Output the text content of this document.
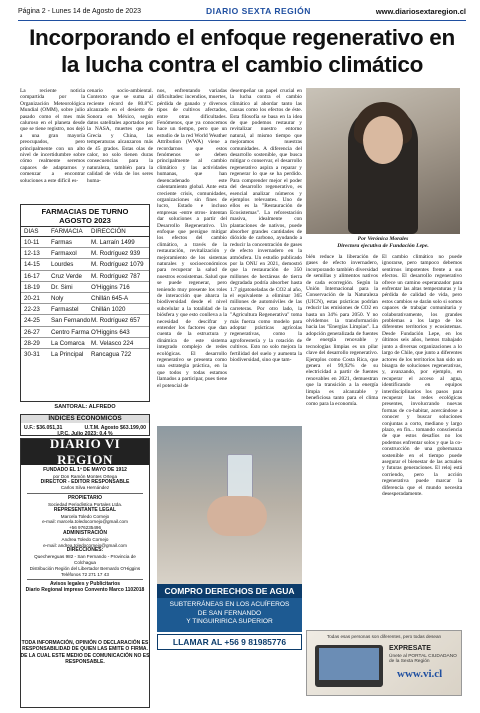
Página 2 - Lunes 14 de Agosto de 2023	DIARIO SEXTA REGIÓN	www.diariosextaregion.cl
Incorporando el enfoque regenerativo en la lucha contra el cambio climático
La reciente noticia compartida por la Organización Meteorológica Mundial (OMM), sobre julio pasado como el mes más caluroso en el planeta desde que se tiene registro, nos dejó a una gran mayoría preocupados, pero principalmente con un alto nivel de incertidumbre sobre cómo realmente seremos capaces de adaptarnos y comenzar a encontrar soluciones a este difícil es-
cenario socio-ambiental. Contexto que se suma al reciente récord de 80.8°C alcanzado en el desierto de Sonora en México, según datos satelitales aportados por la NASA, muertes que en Grecia y China, las temperaturas alcanzaron más de 45 grados. Estas olas de calor, no solo tienen duras consecuencias para la naturaleza, también para la calidad de vida de los seres huma-
nos, enfrentando variadas dificultades: incendios, muertes, pérdida de ganado y diversos tipos de cultivos afectados, entre otras dificultades. Fenómenos, que ya conocemos hace un tiempo, pero que un estudio de la red World Weather Attribution (WWA) viene a recordarnos que estos fenómenos se deben principalmente al cambio climático y las actividades humanas, que han desencadenado este calentamiento global. Ante esta creciente crisis, comunidades, organizaciones sin fines de lucro, Estado e incluso empresas -entre otros- intentan dar soluciones a partir del Desarrollo Regenerativo. Un enfoque que persigue mitigar los efectos del cambio climático, a través de la restauración, revitalización y mejoramiento de los sistemas naturales y socioeconómicos para recuperar la salud de nuestros ecosistemas. Salud que se puede regenerar, pero teniendo muy presente los roles de interacción que abarca la biodiversidad desde el nivel subcelular a la totalidad de la biósfera y que esto conlleva a la necesidad de descifrar y entender los factores que dan cuenta de la estructura y dinámica de este sistema integrado complejo de redes ecológicas. El desarrollo regenerativo se presenta como una estrategia práctica, en la que todos y todas estamos llamados a participar, pues tiene el potencial de
desempeñar un papel crucial en la lucha contra el cambio climático al abordar tanto las causas como los efectos de éste. Esta filosofía se basa en la idea de que podemos restaurar y revitalizar nuestro entorno natural, al mismo tiempo que mejoramos nuestras comunidades. A diferencia del desarrollo sostenible, que busca mitigar o conservar, el desarrollo regenerativo aspira a reparar y regenerar lo que se ha perdido. Para comprender mejor el poder del desarrollo regenerativo, es esencial analizar números y ejemplos relevantes. Uno de ellos es la "Restauración de Ecosistemas". La reforestación masiva, idealmente con plantaciones de nativos, puede absorber grandes cantidades de dióxido de carbono, ayudando a reducir la concentración de gases de efecto invernadero en la atmósfera. Un estudio publicado por la ONU en 2021, demostró que la restauración de 350 millones de hectáreas de tierra degradada podría absorber hasta 1.7 gigatoneladas de CO2 al año, el equivalente a eliminar 365 millones de automóviles de las carreteras. Por otro lado, la "Agricultura Regenerativa" toma más fuerza como modelo para adoptar prácticas agrícolas regenerativas, como la agroforestería y la rotación de cultivos. Esto no solo mejora la fertilidad del suelo y aumenta la biodiversidad, sino que tam-
bién reduce la liberación de gases de efecto invernadero, incorporando también diversidad de semillas y alimentos nativos de cada ecorregión. Según la Unión Internacional para la Conservación de la Naturaleza (UICN), estas prácticas podrían reducir las emisiones de CO2 en hasta un 34% para 2050. Y no olvidemos la transformación hacia las "Energías Limpias". La adopción generalizada de fuentes de energía renovable y tecnologías limpias es un pilar clave del desarrollo regenerativo. Ejemplos como Costa Rica, que genera el 99,92% de su electricidad a partir de fuentes renovables en 2021, demuestran que la transición a la energía limpia es alcanzable y beneficiosa tanto para el clima como para la economía.
El cambio climático no puede ignorarse, pero tampoco debemos sentirnos impotentes frente a sus efectos. El desarrollo regenerativo ofrece un camino esperanzador para enfrentar las altas temperaturas y la pérdida de calidad de vida, pero estos cambios se darán solo si somos capaces de trabajar comunitaria y colaborativamente, los grandes problemas a los largo de los diferentes territorios y ecosistemas. Desde Fundación Lepe, en los últimos seis años, hemos trabajado junto a diversas organizaciones a lo largo de Chile, que junto a diferentes actores de los territorios han sido un bisagra de soluciones regenerativas, y, avanzando, por ejemplo, en recuperar el acceso al agua, identificando en equipos interdisciplinarios los pasos para recuperar las redes ecológicas presentes, involucrando nuevas formas de co-habitar, acercándose a conocer y buscar soluciones conjuntas a corto, mediano y largo plazo, en fin... tomando consciencia de que estos desafíos no los podemos enfrentar solos y que la co-construcción de una gobernanza sostenible en el tiempo puede asegurar el bienestar de las actuales y futuras generaciones. El reloj está corriendo, pero la acción regenerativa puede marcar la diferencia que el mundo necesita desesperadamente.
Por Verónica Morales
Directora ejecutiva de Fundación Lepe.
FARMACIAS DE TURNO
AGOSTO 2023
DIAS	FARMACIA	DIRECCIÓN
10-11	Farmas	M. Larraín 1499
12-13	Farmaxol	M. Rodríguez 939
14-15	Lourdes	M. Rodríguez 1079
16-17	Cruz Verde	M. Rodríguez 787
18-19	Dr. Simi	O'Higgins 716
20-21	Noly	Chillán 645-A
22-23	Farmastel	Chillán 1020
24-25	San Fernando M. Rodríguez 657
26-27	Centro Farma O'Higgins 643
28-29	La Comarca	M. Velasco 224
30-31	La Principal	Rancagua 722
SANTORAL: ALFREDO
ÍNDICES ECONÓMICOS
U.F.: $36.051,31	U.T.M. Agosto $63.199,00
I.P.C. Julio 2023: 0,4 %
DIARIO VI REGION
FUNDADO EL 1º DE MAYO DE 1912
por Don Ramón Montes Ortega
DIRECTOR - EDITOR RESPONSABLE
Carlos Silva Hernández
PROPIETARIO
Sociedad Periodística Portales Ltda.
REPRESENTANTE LEGAL
Marcela Toledo Cornejo
e-mail: marcela.toledocornejo@gmail.com
+56 976235496
ADMINISTRACIÓN
Andrea Toledo Cornejo
e-mail: andrea.toledocornejo@gmail.com
DIRECCIONES:
Quechereguas 982 - San Fernando - Provincia de Colchagua
Distribución Región del Libertador Bernardo O'Higgins
Teléfonos 72 271 17 43
Avisos legales y Publicitarios
Diario Regional impreso Convento Marco 1102018
TODA INFORMACIÓN, OPINIÓN O DECLARACIÓN ES RESPONSABILIDAD DE QUIEN LAS EMITE O FIRMA. DE LA CUAL ESTE MEDIO DE COMUNICACIÓN NO ES RESPONSABLE.
COMPRO DERECHOS DE AGUA
SUBTERRÁNEAS EN LOS ACUÍFEROS
DE SAN FERNANDO
Y TINGUIRIRICA SUPERIOR
LLAMAR AL +56 9 81985776
Todas esas personas son diferentes, pero todas desean
EXPRESATE
Únete al PORTAL CIUDADANO de la Sexta Región
www.vi.cl
